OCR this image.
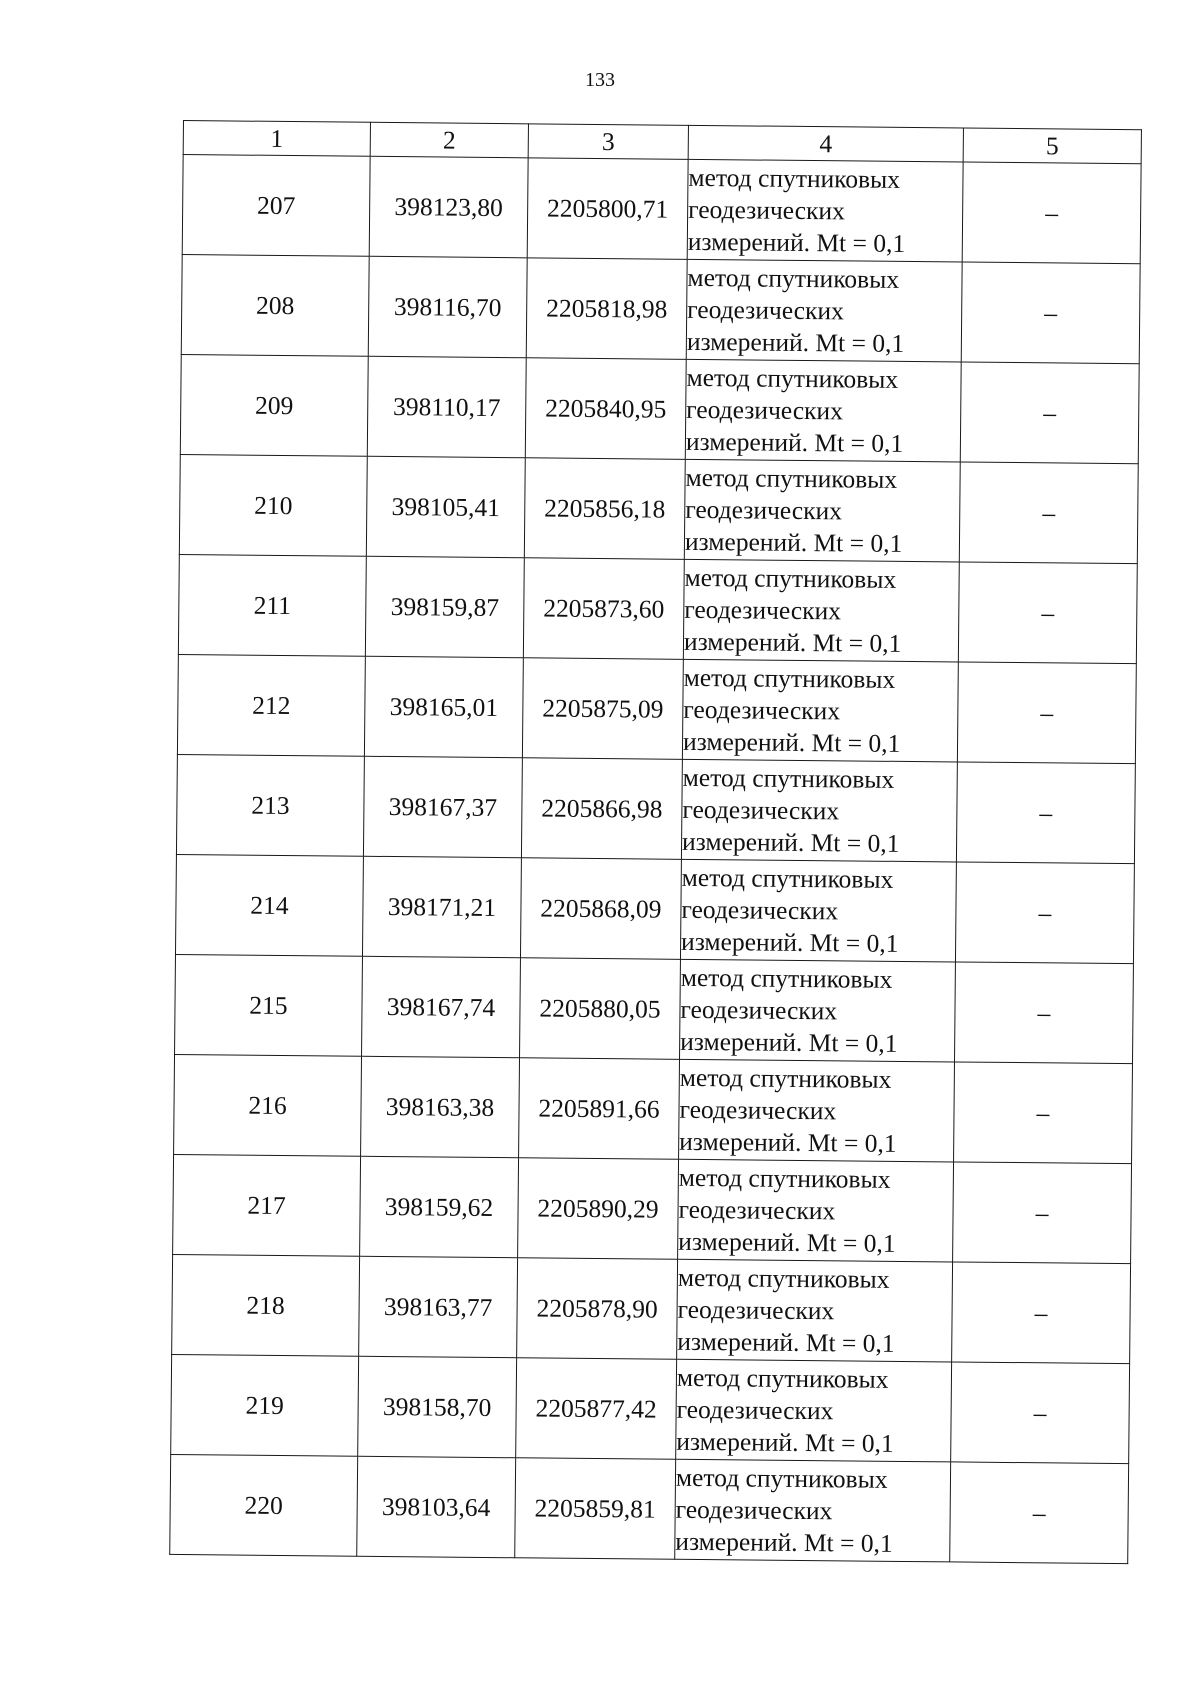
133
1	2	3	4	5
207	398123,80	2205800,71	метод спутниковых
геодезических
измерений. Mt = 0,1	–
208	398116,70	2205818,98	метод спутниковых
геодезических
измерений. Mt = 0,1	–
209	398110,17	2205840,95	метод спутниковых
геодезических
измерений. Mt = 0,1	–
210	398105,41	2205856,18	метод спутниковых
геодезических
измерений. Mt = 0,1	–
211	398159,87	2205873,60	метод спутниковых
геодезических
измерений. Mt = 0,1	–
212	398165,01	2205875,09	метод спутниковых
геодезических
измерений. Mt = 0,1	–
213	398167,37	2205866,98	метод спутниковых
геодезических
измерений. Mt = 0,1	–
214	398171,21	2205868,09	метод спутниковых
геодезических
измерений. Mt = 0,1	–
215	398167,74	2205880,05	метод спутниковых
геодезических
измерений. Mt = 0,1	–
216	398163,38	2205891,66	метод спутниковых
геодезических
измерений. Mt = 0,1	–
217	398159,62	2205890,29	метод спутниковых
геодезических
измерений. Mt = 0,1	–
218	398163,77	2205878,90	метод спутниковых
геодезических
измерений. Mt = 0,1	–
219	398158,70	2205877,42	метод спутниковых
геодезических
измерений. Mt = 0,1	–
220	398103,64	2205859,81	метод спутниковых
геодезических
измерений. Mt = 0,1	–
